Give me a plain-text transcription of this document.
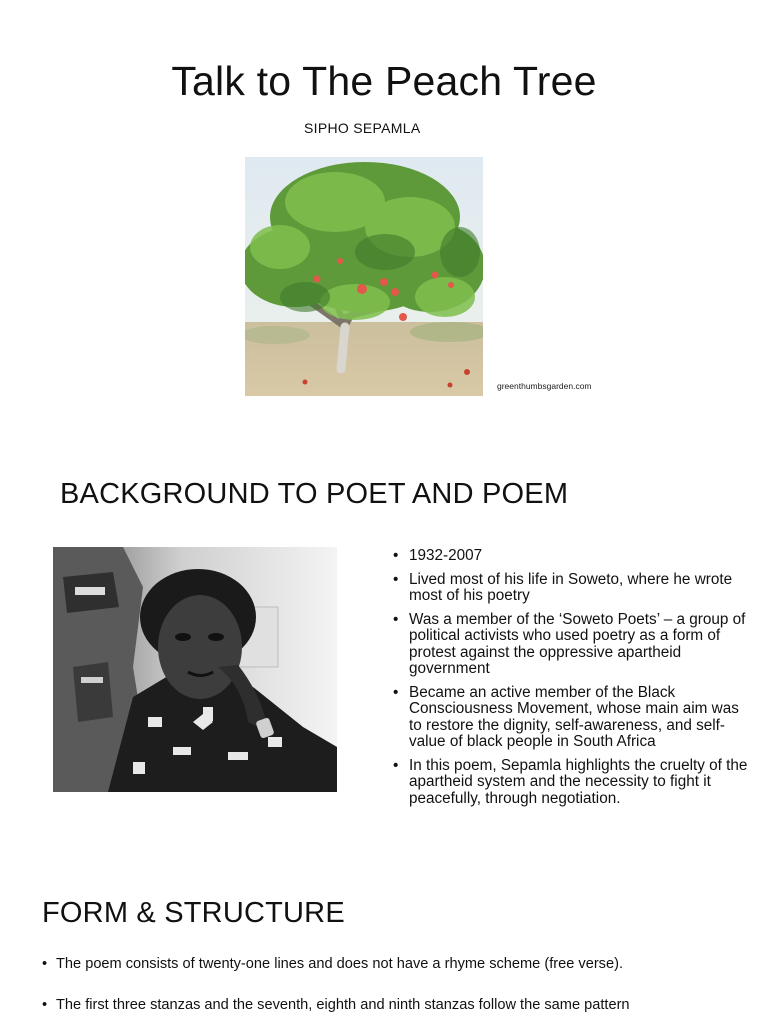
Talk to The Peach Tree
SIPHO SEPAMLA
greenthumbsgarden.com
BACKGROUND TO POET AND POEM
• 1932-2007
• Lived most of his life in Soweto, where he wrote most of his poetry
• Was a member of the ‘Soweto Poets’ – a group of political activists who used poetry as a form of protest against the oppressive apartheid government
• Became an active member of the Black Consciousness Movement, whose main aim was to restore the dignity, self-awareness, and self-value of black people in South Africa
• In this poem, Sepamla highlights the cruelty of the apartheid system and the necessity to fight it peacefully, through negotiation.
FORM & STRUCTURE
• The poem consists of twenty-one lines and does not have a rhyme scheme (free verse).
• The first three stanzas and the seventh, eighth and ninth stanzas follow the same pattern
